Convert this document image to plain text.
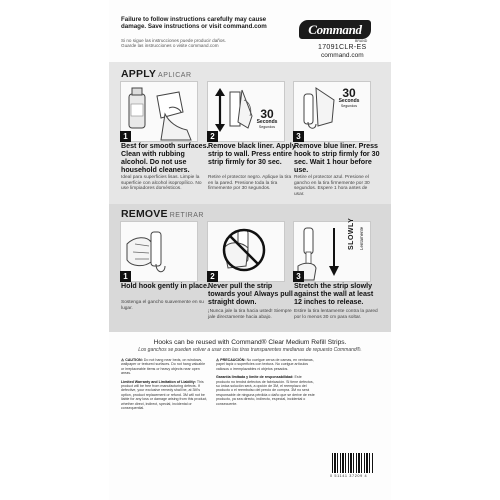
Failure to follow instructions carefully may cause damage. Save instructions or visit command.com
Si no sigue las instrucciones puede producir daños. Guarde las instrucciones o visite command.com
Command
BRAND
17091CLR-ES
command.com
APPLY APLICAR
1
Best for smooth surfaces. Clean with rubbing alcohol. Do not use household cleaners.
Ideal para superficies lisas. Limpie la superficie con alcohol isopropílico. No use limpiadores domésticos.
30
Seconds
Segundos
2
Remove black liner. Apply strip to wall. Press entire strip firmly for 30 sec.
Retire el protector negro. Aplique la tira en la pared. Presione toda la tira firmemente por 30 segundos.
30
Seconds
Segundos
3
Remove blue liner. Press hook to strip firmly for 30 sec. Wait 1 hour before use.
Retire el protector azul. Presione el gancho en la tira firmemente por 30 segundos. Espere 1 hora antes de usar.
REMOVE RETIRAR
1
Hold hook gently in place.
Sostenga el gancho suavemente en su lugar.
2
Never pull the strip towards you! Always pull straight down.
¡Nunca jale la tira hacia usted! Siempre jale directamente hacia abajo.
SLOWLY Lentamente
3
Stretch the strip slowly against the wall at least 12 inches to release.
Estire la tira lentamente contra la pared por lo menos 30 cm para soltar.
Hooks can be reused with Command® Clear Medium Refill Strips.
Los ganchos se pueden volver a usar con las tiras transparentes medianas de repuesto Command®.
⚠ CAUTION: Do not hang near beds, on windows, wallpaper or textured surfaces. Do not hang valuable or irreplaceable items or heavy objects near open areas.
Limited Warranty and Limitation of Liability: This product will be free from manufacturing defects. If defective, your exclusive remedy shall be, at 3M's option, product replacement or refund. 3M will not be liable for any loss or damage arising from this product, whether direct, indirect, special, incidental or consequential.
⚠ PRECAUCIÓN: No cuelgue cerca de camas, en ventanas, papel tapiz o superficies con textura. No cuelgue artículos valiosos o irremplazables ni objetos pesados.
Garantía limitada y límite de responsabilidad: Este producto no tendrá defectos de fabricación. Si tiene defectos, su única solución será, a opción de 3M, el reemplazo del producto o el reembolso del precio de compra. 3M no será responsable de ninguna pérdida o daño que se derive de este producto, ya sea directo, indirecto, especial, incidental o consecuente.
0 51141 37209 4
